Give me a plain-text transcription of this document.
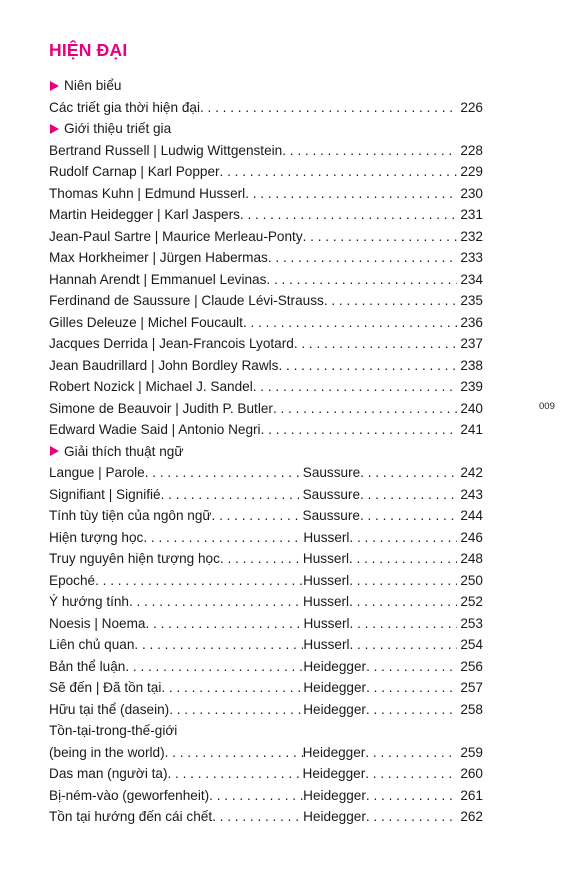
HIỆN ĐẠI
Niên biểu
Các triết gia thời hiện đại . . .	226
Giới thiệu triết gia
Bertrand Russell | Ludwig Wittgenstein . . .	228
Rudolf Carnap | Karl Popper . . .	229
Thomas Kuhn | Edmund Husserl . . .	230
Martin Heidegger | Karl Jaspers . . .	231
Jean-Paul Sartre | Maurice Merleau-Ponty . . .	232
Max Horkheimer | Jürgen Habermas . . .	233
Hannah Arendt | Emmanuel Levinas . . .	234
Ferdinand de Saussure | Claude Lévi-Strauss . . .	235
Gilles Deleuze | Michel Foucault . . .	236
Jacques Derrida | Jean-Francois Lyotard . . .	237
Jean Baudrillard | John Bordley Rawls . . .	238
Robert Nozick | Michael J. Sandel . . .	239
Simone de Beauvoir | Judith P. Butler . . .	240
Edward Wadie Said | Antonio Negri . . .	241
Giải thích thuật ngữ
Langue | Parole . . .	Saussure . . .	242
Signifiant | Signifié . . .	Saussure . . .	243
Tính tùy tiện của ngôn ngữ . . .	Saussure . . .	244
Hiện tượng học . . .	Husserl . . .	246
Truy nguyên hiện tượng học . . .	Husserl . . .	248
Epoché . . .	Husserl . . .	250
Ý hướng tính . . .	Husserl . . .	252
Noesis | Noema . . .	Husserl . . .	253
Liên chủ quan . . .	Husserl . . .	254
Bản thể luận . . .	Heidegger . . .	256
Sẽ đến | Đã tồn tại . . .	Heidegger . . .	257
Hữu tại thể (dasein) . . .	Heidegger . . .	258
Tồn-tại-trong-thế-giới
(being in the world) . . .	Heidegger . . .	259
Das man (người ta) . . .	Heidegger . . .	260
Bị-ném-vào (geworfenheit) . . .	Heidegger . . .	261
Tồn tại hướng đến cái chết . . .	Heidegger . . .	262
009
